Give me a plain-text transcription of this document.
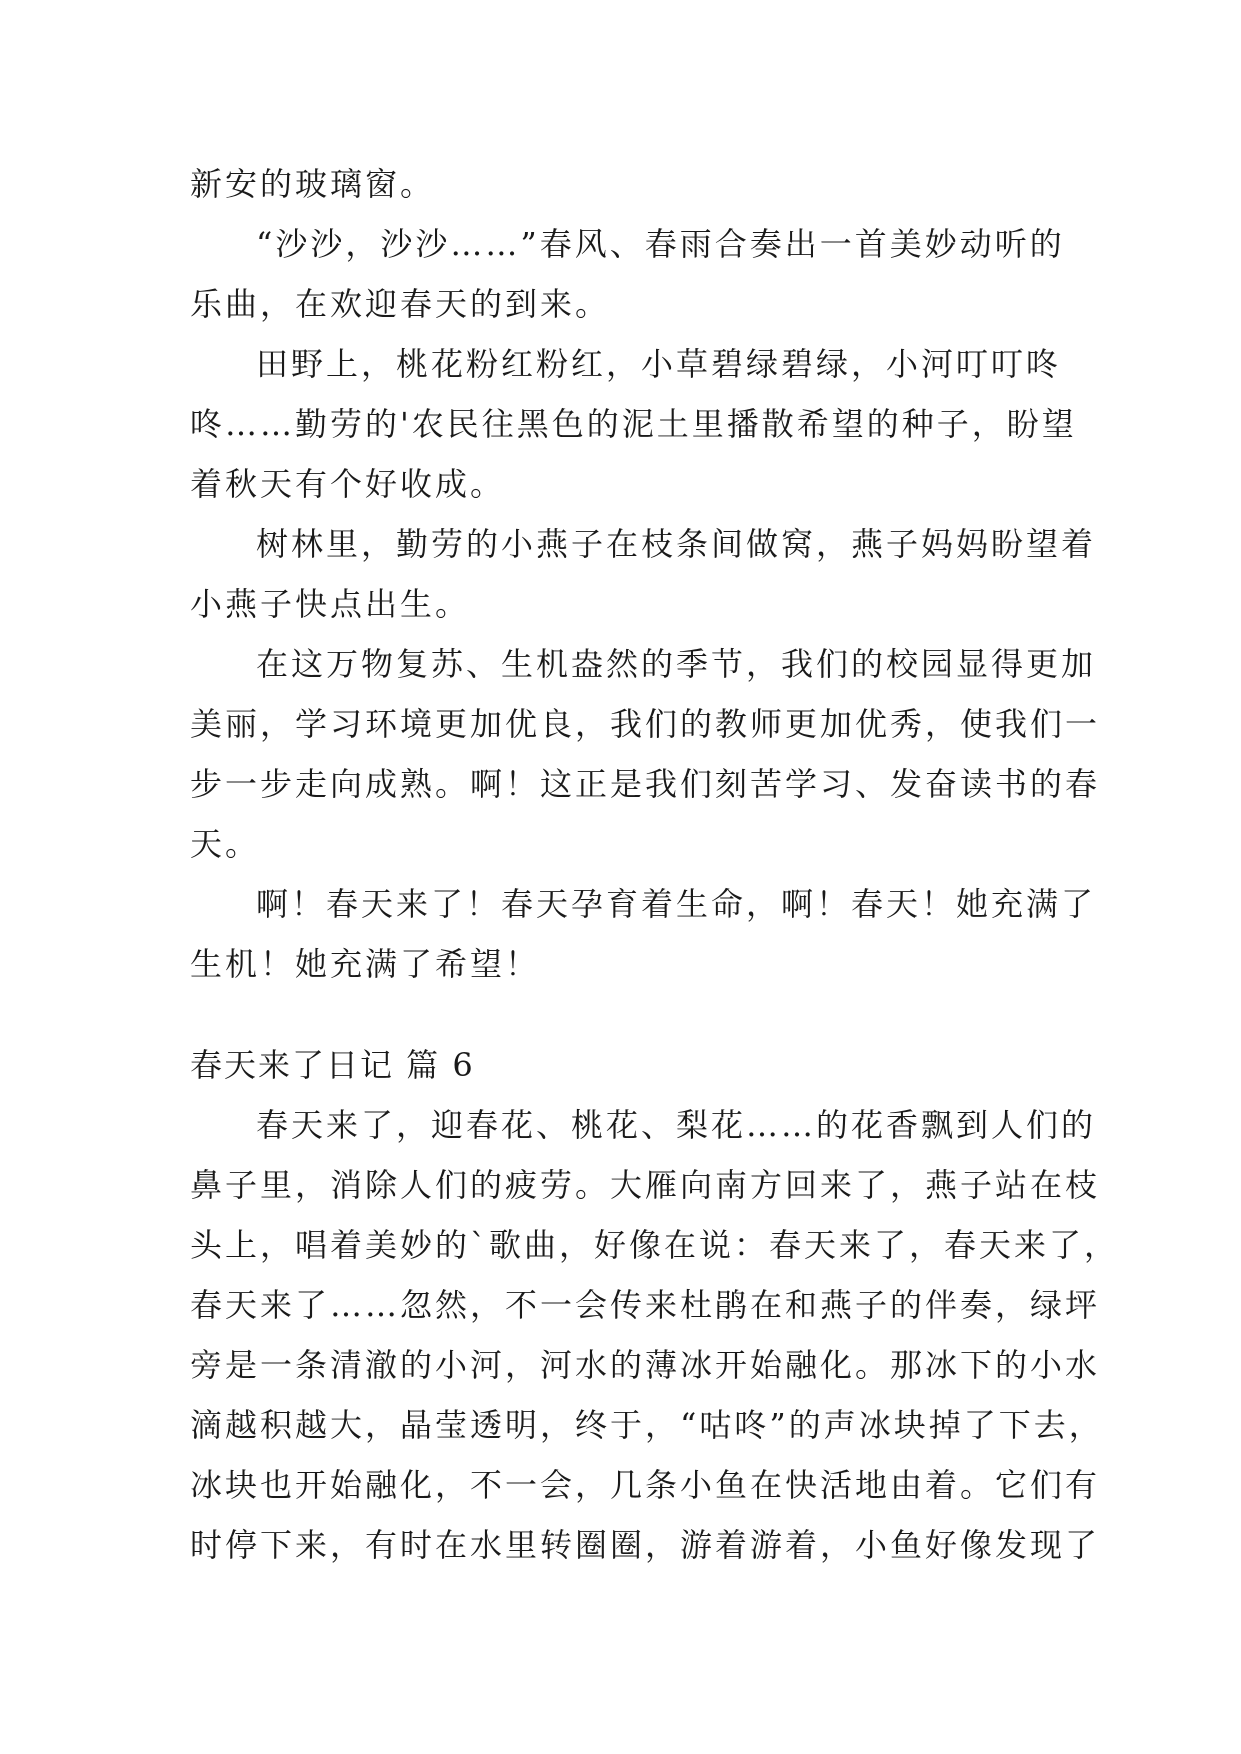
新安的玻璃窗。
“沙沙，沙沙……”春风、春雨合奏出一首美妙动听的
乐曲，在欢迎春天的到来。
田野上，桃花粉红粉红，小草碧绿碧绿，小河叮叮咚
咚……勤劳的'农民往黑色的泥土里播散希望的种子，盼望
着秋天有个好收成。
树林里，勤劳的小燕子在枝条间做窝，燕子妈妈盼望着
小燕子快点出生。
在这万物复苏、生机盎然的季节，我们的校园显得更加
美丽，学习环境更加优良，我们的教师更加优秀，使我们一
步一步走向成熟。啊！这正是我们刻苦学习、发奋读书的春
天。
啊！春天来了！春天孕育着生命，啊！春天！她充满了
生机！她充满了希望！
春天来了日记 篇 6
春天来了，迎春花、桃花、梨花……的花香飘到人们的
鼻子里，消除人们的疲劳。大雁向南方回来了，燕子站在枝
头上，唱着美妙的`歌曲，好像在说：春天来了，春天来了，
春天来了……忽然，不一会传来杜鹃在和燕子的伴奏，绿坪
旁是一条清澈的小河，河水的薄冰开始融化。那冰下的小水
滴越积越大，晶莹透明，终于，“咕咚”的声冰块掉了下去，
冰块也开始融化，不一会，几条小鱼在快活地由着。它们有
时停下来，有时在水里转圈圈，游着游着，小鱼好像发现了
